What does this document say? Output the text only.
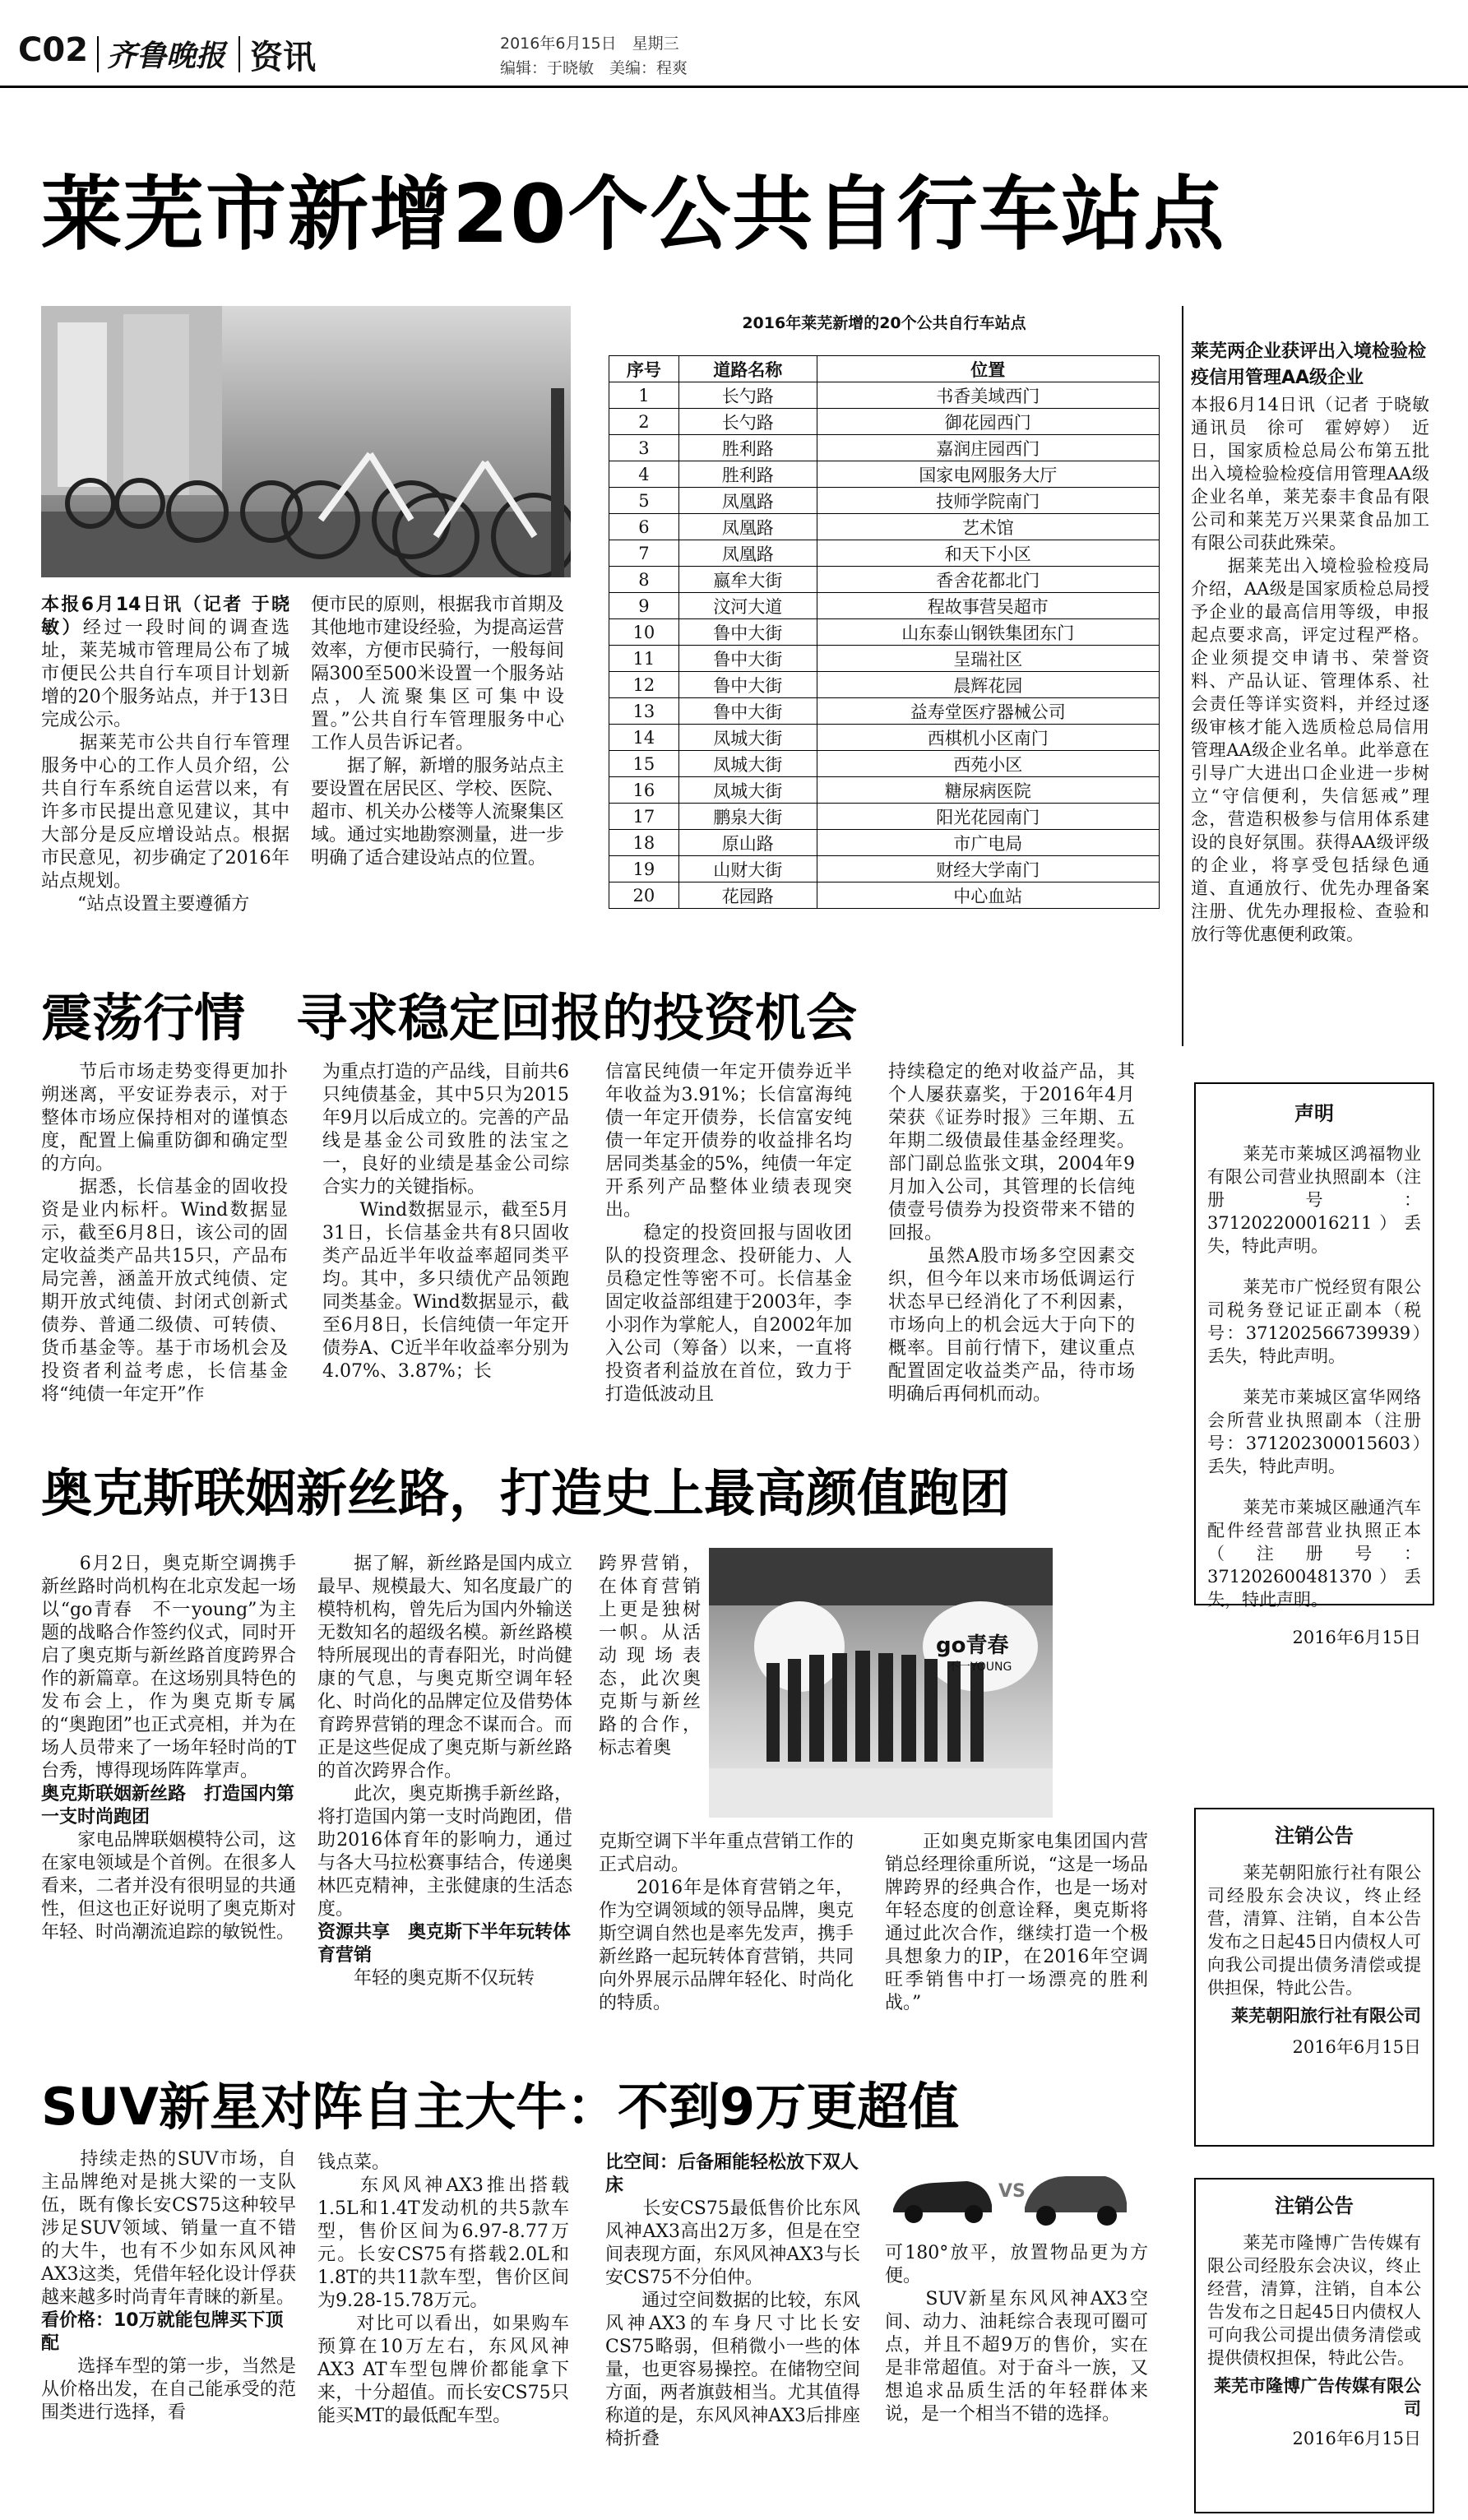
C02 齐鲁晚报 资讯	2016年6月15日　星期三
编辑：于晓敏　美编：程爽
莱芜市新增20个公共自行车站点
本报6月14日讯（记者 于晓敏）经过一段时间的调查选址，莱芜城市管理局公布了城市便民公共自行车项目计划新增的20个服务站点，并于13日完成公示。
　　据莱芜市公共自行车管理服务中心的工作人员介绍，公共自行车系统自运营以来，有许多市民提出意见建议，其中大部分是反应增设站点。根据市民意见，初步确定了2016年站点规划。
　　“站点设置主要遵循方
便市民的原则，根据我市首期及其他地市建设经验，为提高运营效率，方便市民骑行，一般每间隔300至500米设置一个服务站点，人流聚集区可集中设置。”公共自行车管理服务中心工作人员告诉记者。
　　据了解，新增的服务站点主要设置在居民区、学校、医院、超市、机关办公楼等人流聚集区域。通过实地勘察测量，进一步明确了适合建设站点的位置。
2016年莱芜新增的20个公共自行车站点
序号	道路名称	位置
1	长勺路	书香美域西门
2	长勺路	御花园西门
3	胜利路	嘉润庄园西门
4	胜利路	国家电网服务大厅
5	凤凰路	技师学院南门
6	凤凰路	艺术馆
7	凤凰路	和天下小区
8	嬴牟大街	香舍花都北门
9	汶河大道	程故事营吴超市
10	鲁中大街	山东泰山钢铁集团东门
11	鲁中大街	呈瑞社区
12	鲁中大街	晨辉花园
13	鲁中大街	益寿堂医疗器械公司
14	凤城大街	西棋机小区南门
15	凤城大街	西苑小区
16	凤城大街	糖尿病医院
17	鹏泉大街	阳光花园南门
18	原山路	市广电局
19	山财大街	财经大学南门
20	花园路	中心血站
莱芜两企业获评出入境检验检疫信用管理AA级企业
本报6月14日讯（记者 于晓敏　通讯员　徐可　霍婷婷）　近日，国家质检总局公布第五批出入境检验检疫信用管理AA级企业名单，莱芜泰丰食品有限公司和莱芜万兴果菜食品加工有限公司获此殊荣。
　　据莱芜出入境检验检疫局介绍，AA级是国家质检总局授予企业的最高信用等级，申报起点要求高，评定过程严格。企业须提交申请书、荣誉资料、产品认证、管理体系、社会责任等详实资料，并经过逐级审核才能入选质检总局信用管理AA级企业名单。此举意在引导广大进出口企业进一步树立“守信便利，失信惩戒”理念，营造积极参与信用体系建设的良好氛围。获得AA级评级的企业，将享受包括绿色通道、直通放行、优先办理备案注册、优先办理报检、查验和放行等优惠便利政策。
震荡行情　寻求稳定回报的投资机会
　　节后市场走势变得更加扑朔迷离，平安证券表示，对于整体市场应保持相对的谨慎态度，配置上偏重防御和确定型的方向。
　　据悉，长信基金的固收投资是业内标杆。Wind数据显示，截至6月8日，该公司的固定收益类产品共15只，产品布局完善，涵盖开放式纯债、定期开放式纯债、封闭式创新式债券、普通二级债、可转债、货币基金等。基于市场机会及投资者利益考虑，长信基金将“纯债一年定开”作
为重点打造的产品线，目前共6只纯债基金，其中5只为2015年9月以后成立的。完善的产品线是基金公司致胜的法宝之一，良好的业绩是基金公司综合实力的关键指标。
　　Wind数据显示，截至5月31日，长信基金共有8只固收类产品近半年收益率超同类平均。其中，多只绩优产品领跑同类基金。Wind数据显示，截至6月8日，长信纯债一年定开债券A、C近半年收益率分别为4.07%、3.87%；长
信富民纯债一年定开债券近半年收益为3.91%；长信富海纯债一年定开债券，长信富安纯债一年定开债券的收益排名均居同类基金的5%，纯债一年定开系列产品整体业绩表现突出。
　　稳定的投资回报与固收团队的投资理念、投研能力、人员稳定性等密不可。长信基金固定收益部组建于2003年，李小羽作为掌舵人，自2002年加入公司（筹备）以来，一直将投资者利益放在首位，致力于打造低波动且
持续稳定的绝对收益产品，其个人屡获嘉奖，于2016年4月荣获《证券时报》三年期、五年期二级债最佳基金经理奖。部门副总监张文琪，2004年9月加入公司，其管理的长信纯债壹号债券为投资带来不错的回报。
　　虽然A股市场多空因素交织，但今年以来市场低调运行状态早已经消化了不利因素，市场向上的机会远大于向下的概率。目前行情下，建议重点配置固定收益类产品，待市场明确后再伺机而动。
声明
　　莱芜市莱城区鸿福物业有限公司营业执照副本（注册号：371202200016211）丢失，特此声明。
　　莱芜市广悦经贸有限公司税务登记证正副本（税号：371202566739939）丢失，特此声明。
　　莱芜市莱城区富华网络会所营业执照副本（注册号：371202300015603）丢失，特此声明。
　　莱芜市莱城区融通汽车配件经营部营业执照正本（注册号：371202600481370）丢失，特此声明。
2016年6月15日
奥克斯联姻新丝路，打造史上最高颜值跑团
　　6月2日，奥克斯空调携手新丝路时尚机构在北京发起一场以“go青春　不一young”为主题的战略合作签约仪式，同时开启了奥克斯与新丝路首度跨界合作的新篇章。在这场别具特色的发布会上，作为奥克斯专属的“奥跑团”也正式亮相，并为在场人员带来了一场年轻时尚的T台秀，博得现场阵阵掌声。
奥克斯联姻新丝路　打造国内第一支时尚跑团
　　家电品牌联姻模特公司，这在家电领域是个首例。在很多人看来，二者并没有很明显的共通性，但这也正好说明了奥克斯对年轻、时尚潮流追踪的敏锐性。
　　据了解，新丝路是国内成立最早、规模最大、知名度最广的模特机构，曾先后为国内外输送无数知名的超级名模。新丝路模特所展现出的青春阳光，时尚健康的气息，与奥克斯空调年轻化、时尚化的品牌定位及借势体育跨界营销的理念不谋而合。而正是这些促成了奥克斯与新丝路的首次跨界合作。
　　此次，奥克斯携手新丝路，将打造国内第一支时尚跑团，借助2016体育年的影响力，通过与各大马拉松赛事结合，传递奥林匹克精神，主张健康的生活态度。
资源共享　奥克斯下半年玩转体育营销
　　年轻的奥克斯不仅玩转
跨界营销，在体育营销上更是独树一帜。从活动现场表态，此次奥克斯与新丝路的合作，标志着奥
克斯空调下半年重点营销工作的正式启动。
　　2016年是体育营销之年，作为空调领域的领导品牌，奥克斯空调自然也是率先发声，携手新丝路一起玩转体育营销，共同向外界展示品牌年轻化、时尚化的特质。
go青春
不一YOUNG
　　正如奥克斯家电集团国内营销总经理徐重所说，“这是一场品牌跨界的经典合作，也是一场对年轻态度的创意诠释，奥克斯将通过此次合作，继续打造一个极具想象力的IP，在2016年空调旺季销售中打一场漂亮的胜利战。”
注销公告
　　莱芜朝阳旅行社有限公司经股东会决议，终止经营，清算、注销，自本公告发布之日起45日内债权人可向我公司提出债务清偿或提供担保，特此公告。
莱芜朝阳旅行社有限公司
2016年6月15日
SUV新星对阵自主大牛：不到9万更超值
　　持续走热的SUV市场，自主品牌绝对是挑大梁的一支队伍，既有像长安CS75这种较早涉足SUV领域、销量一直不错的大牛，也有不少如东风风神AX3这类，凭借年轻化设计俘获越来越多时尚青年青睐的新星。
看价格：10万就能包牌买下顶配
　　选择车型的第一步，当然是从价格出发，在自己能承受的范围类进行选择，看
钱点菜。
　　东风风神AX3推出搭载1.5L和1.4T发动机的共5款车型，售价区间为6.97-8.77万元。长安CS75有搭载2.0L和1.8T的共11款车型，售价区间为9.28-15.78万元。
　　对比可以看出，如果购车预算在10万左右，东风风神AX3 AT车型包牌价都能拿下来，十分超值。而长安CS75只能买MT的最低配车型。
比空间：后备厢能轻松放下双人床
　　长安CS75最低售价比东风风神AX3高出2万多，但是在空间表现方面，东风风神AX3与长安CS75不分伯仲。
　　通过空间数据的比较，东风风神AX3的车身尺寸比长安CS75略弱，但稍微小一些的体量，也更容易操控。在储物空间方面，两者旗鼓相当。尤其值得称道的是，东风风神AX3后排座椅折叠
VS
可180°放平，放置物品更为方便。
　　SUV新星东风风神AX3空间、动力、油耗综合表现可圈可点，并且不超9万的售价，实在是非常超值。对于奋斗一族，又想追求品质生活的年轻群体来说，是一个相当不错的选择。
注销公告
　　莱芜市隆博广告传媒有限公司经股东会决议，终止经营，清算，注销，自本公告发布之日起45日内债权人可向我公司提出债务清偿或提供债权担保，特此公告。
莱芜市隆博广告传媒有限公司
2016年6月15日
